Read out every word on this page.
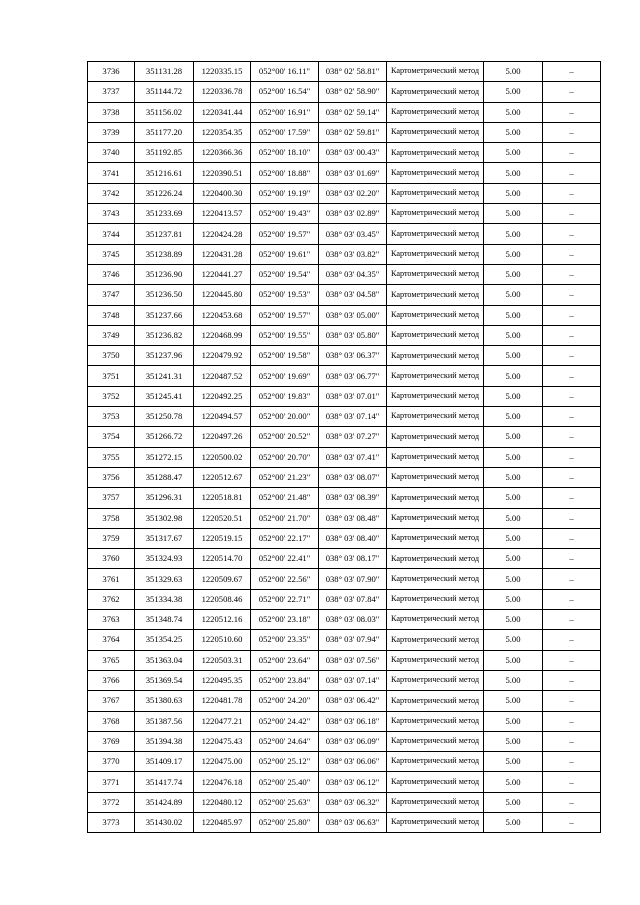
3736	351131.28	1220335.15	052°00' 16.11"	038° 02' 58.81"	Картометрический метод	5.00	–
3737	351144.72	1220336.78	052°00' 16.54"	038° 02' 58.90"	Картометрический метод	5.00	–
3738	351156.02	1220341.44	052°00' 16.91"	038° 02' 59.14"	Картометрический метод	5.00	–
3739	351177.20	1220354.35	052°00' 17.59"	038° 02' 59.81"	Картометрический метод	5.00	–
3740	351192.85	1220366.36	052°00' 18.10"	038° 03' 00.43"	Картометрический метод	5.00	–
3741	351216.61	1220390.51	052°00' 18.88"	038° 03' 01.69"	Картометрический метод	5.00	–
3742	351226.24	1220400.30	052°00' 19.19"	038° 03' 02.20"	Картометрический метод	5.00	–
3743	351233.69	1220413.57	052°00' 19.43"	038° 03' 02.89"	Картометрический метод	5.00	–
3744	351237.81	1220424.28	052°00' 19.57"	038° 03' 03.45"	Картометрический метод	5.00	–
3745	351238.89	1220431.28	052°00' 19.61"	038° 03' 03.82"	Картометрический метод	5.00	–
3746	351236.90	1220441.27	052°00' 19.54"	038° 03' 04.35"	Картометрический метод	5.00	–
3747	351236.50	1220445.80	052°00' 19.53"	038° 03' 04.58"	Картометрический метод	5.00	–
3748	351237.66	1220453.68	052°00' 19.57"	038° 03' 05.00"	Картометрический метод	5.00	–
3749	351236.82	1220468.99	052°00' 19.55"	038° 03' 05.80"	Картометрический метод	5.00	–
3750	351237.96	1220479.92	052°00' 19.58"	038° 03' 06.37"	Картометрический метод	5.00	–
3751	351241.31	1220487.52	052°00' 19.69"	038° 03' 06.77"	Картометрический метод	5.00	–
3752	351245.41	1220492.25	052°00' 19.83"	038° 03' 07.01"	Картометрический метод	5.00	–
3753	351250.78	1220494.57	052°00' 20.00"	038° 03' 07.14"	Картометрический метод	5.00	–
3754	351266.72	1220497.26	052°00' 20.52"	038° 03' 07.27"	Картометрический метод	5.00	–
3755	351272.15	1220500.02	052°00' 20.70"	038° 03' 07.41"	Картометрический метод	5.00	–
3756	351288.47	1220512.67	052°00' 21.23"	038° 03' 08.07"	Картометрический метод	5.00	–
3757	351296.31	1220518.81	052°00' 21.48"	038° 03' 08.39"	Картометрический метод	5.00	–
3758	351302.98	1220520.51	052°00' 21.70"	038° 03' 08.48"	Картометрический метод	5.00	–
3759	351317.67	1220519.15	052°00' 22.17"	038° 03' 08.40"	Картометрический метод	5.00	–
3760	351324.93	1220514.70	052°00' 22.41"	038° 03' 08.17"	Картометрический метод	5.00	–
3761	351329.63	1220509.67	052°00' 22.56"	038° 03' 07.90"	Картометрический метод	5.00	–
3762	351334.38	1220508.46	052°00' 22.71"	038° 03' 07.84"	Картометрический метод	5.00	–
3763	351348.74	1220512.16	052°00' 23.18"	038° 03' 08.03"	Картометрический метод	5.00	–
3764	351354.25	1220510.60	052°00' 23.35"	038° 03' 07.94"	Картометрический метод	5.00	–
3765	351363.04	1220503.31	052°00' 23.64"	038° 03' 07.56"	Картометрический метод	5.00	–
3766	351369.54	1220495.35	052°00' 23.84"	038° 03' 07.14"	Картометрический метод	5.00	–
3767	351380.63	1220481.78	052°00' 24.20"	038° 03' 06.42"	Картометрический метод	5.00	–
3768	351387.56	1220477.21	052°00' 24.42"	038° 03' 06.18"	Картометрический метод	5.00	–
3769	351394.38	1220475.43	052°00' 24.64"	038° 03' 06.09"	Картометрический метод	5.00	–
3770	351409.17	1220475.00	052°00' 25.12"	038° 03' 06.06"	Картометрический метод	5.00	–
3771	351417.74	1220476.18	052°00' 25.40"	038° 03' 06.12"	Картометрический метод	5.00	–
3772	351424.89	1220480.12	052°00' 25.63"	038° 03' 06.32"	Картометрический метод	5.00	–
3773	351430.02	1220485.97	052°00' 25.80"	038° 03' 06.63"	Картометрический метод	5.00	–
